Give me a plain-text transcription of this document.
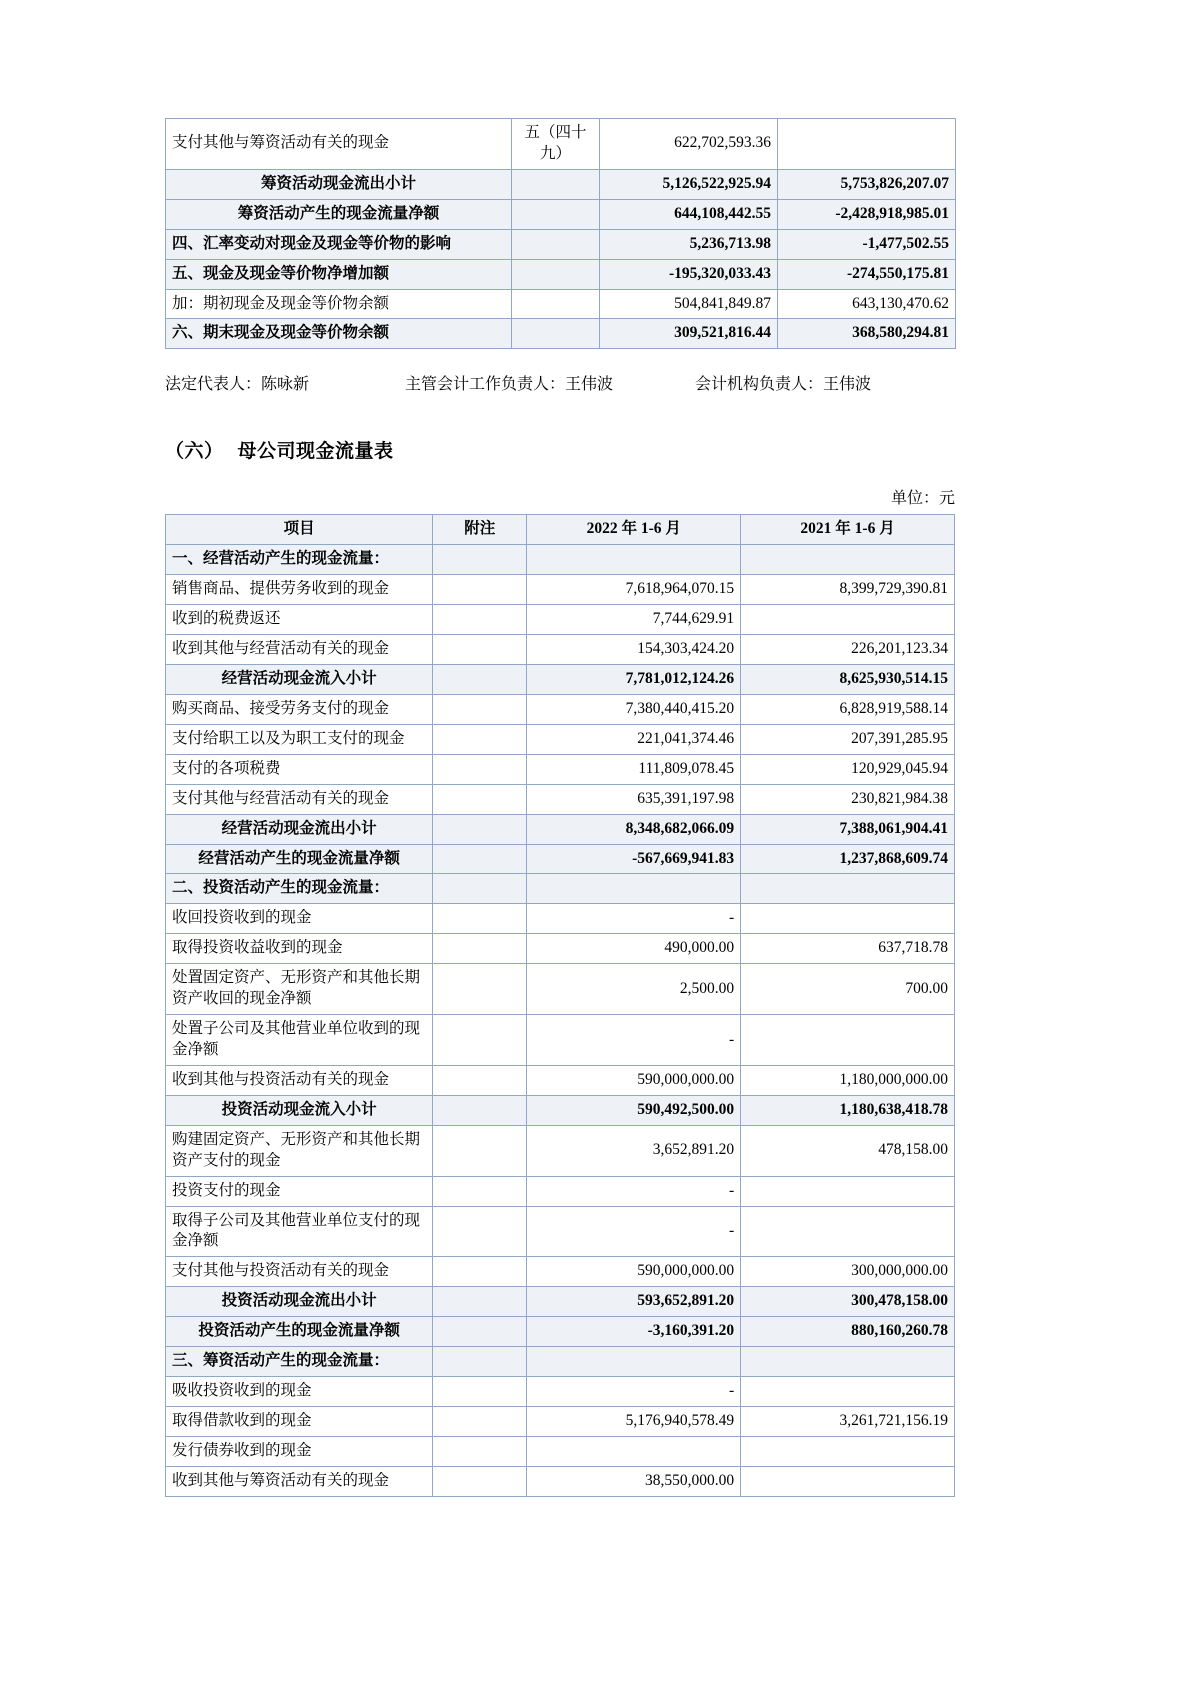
支付其他与筹资活动有关的现金	五（四十九）	622,702,593.36	
筹资活动现金流出小计		5,126,522,925.94	5,753,826,207.07
筹资活动产生的现金流量净额		644,108,442.55	-2,428,918,985.01
四、汇率变动对现金及现金等价物的影响		5,236,713.98	-1,477,502.55
五、现金及现金等价物净增加额		-195,320,033.43	-274,550,175.81
加：期初现金及现金等价物余额		504,841,849.87	643,130,470.62
六、期末现金及现金等价物余额		309,521,816.44	368,580,294.81
法定代表人：陈咏新	主管会计工作负责人：王伟波	会计机构负责人：王伟波
（六） 母公司现金流量表
单位：元
项目	附注	2022 年 1-6 月	2021 年 1-6 月
一、经营活动产生的现金流量：			
销售商品、提供劳务收到的现金		7,618,964,070.15	8,399,729,390.81
收到的税费返还		7,744,629.91	
收到其他与经营活动有关的现金		154,303,424.20	226,201,123.34
经营活动现金流入小计		7,781,012,124.26	8,625,930,514.15
购买商品、接受劳务支付的现金		7,380,440,415.20	6,828,919,588.14
支付给职工以及为职工支付的现金		221,041,374.46	207,391,285.95
支付的各项税费		111,809,078.45	120,929,045.94
支付其他与经营活动有关的现金		635,391,197.98	230,821,984.38
经营活动现金流出小计		8,348,682,066.09	7,388,061,904.41
经营活动产生的现金流量净额		-567,669,941.83	1,237,868,609.74
二、投资活动产生的现金流量：			
收回投资收到的现金		-	
取得投资收益收到的现金		490,000.00	637,718.78
处置固定资产、无形资产和其他长期资产收回的现金净额		2,500.00	700.00
处置子公司及其他营业单位收到的现金净额		-	
收到其他与投资活动有关的现金		590,000,000.00	1,180,000,000.00
投资活动现金流入小计		590,492,500.00	1,180,638,418.78
购建固定资产、无形资产和其他长期资产支付的现金		3,652,891.20	478,158.00
投资支付的现金		-	
取得子公司及其他营业单位支付的现金净额		-	
支付其他与投资活动有关的现金		590,000,000.00	300,000,000.00
投资活动现金流出小计		593,652,891.20	300,478,158.00
投资活动产生的现金流量净额		-3,160,391.20	880,160,260.78
三、筹资活动产生的现金流量：			
吸收投资收到的现金		-	
取得借款收到的现金		5,176,940,578.49	3,261,721,156.19
发行债券收到的现金			
收到其他与筹资活动有关的现金		38,550,000.00	
